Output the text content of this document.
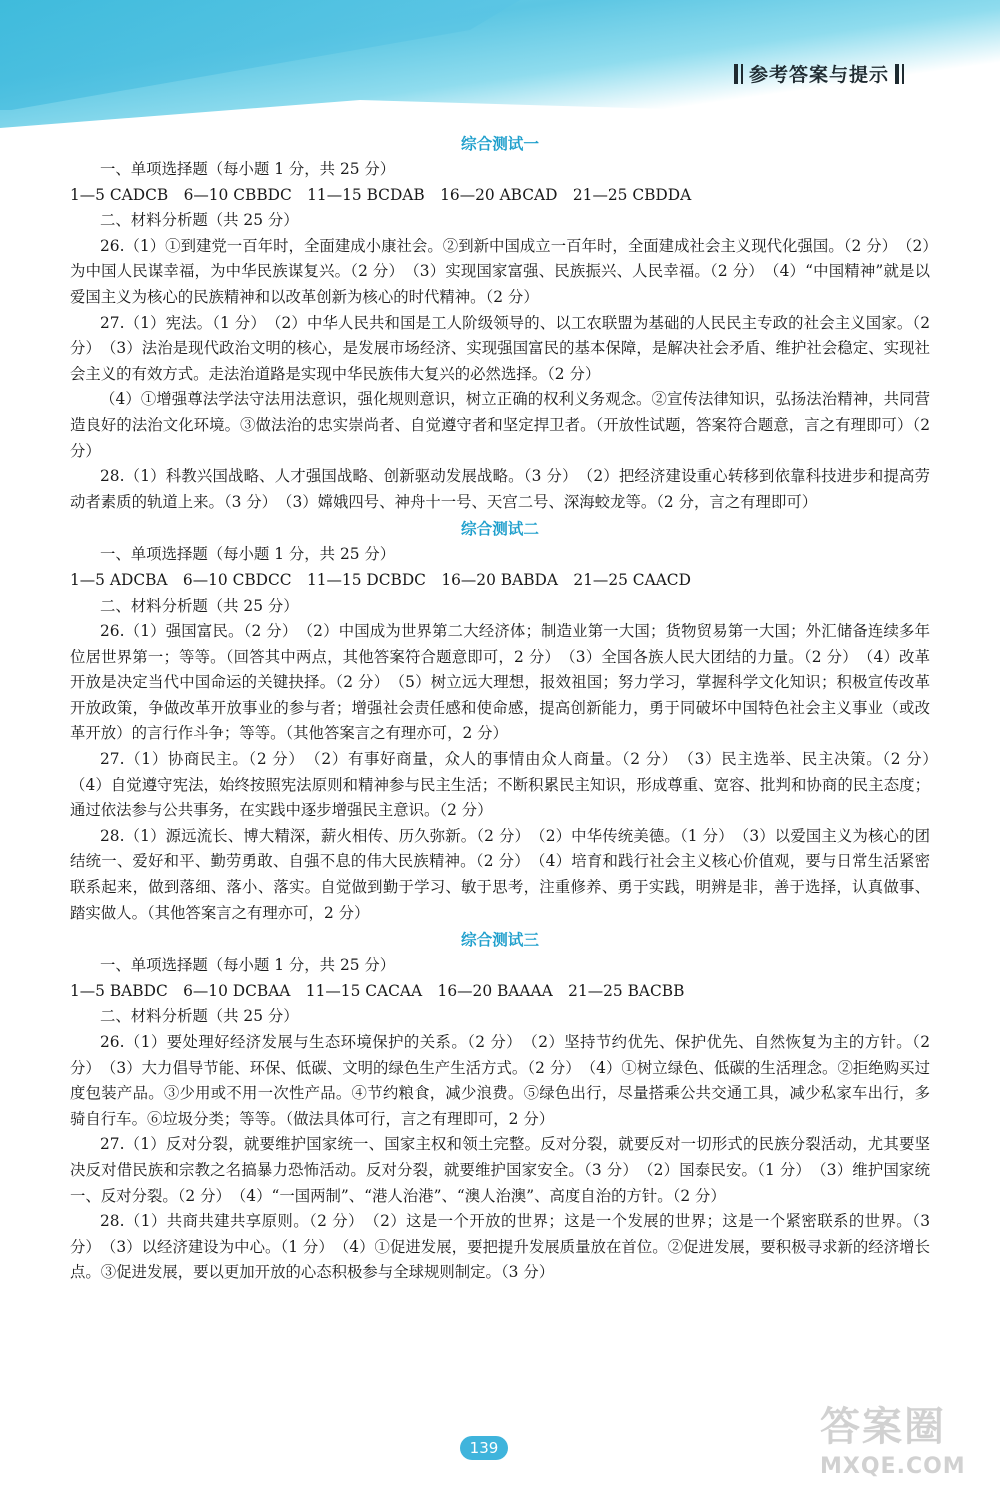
参考答案与提示
综合测试一
一、单项选择题（每小题 1 分，共 25 分）
1—5 CADCB　6—10 CBBDC　11—15 BCDAB　16—20 ABCAD　21—25 CBDDA
二、材料分析题（共 25 分）
26.（1）①到建党一百年时，全面建成小康社会。②到新中国成立一百年时，全面建成社会主义现代化强国。（2 分）　（2）为中国人民谋幸福，为中华民族谋复兴。（2 分）　（3）实现国家富强、民族振兴、人民幸福。（2 分）　（4）“中国精神”就是以爱国主义为核心的民族精神和以改革创新为核心的时代精神。（2 分）
27.（1）宪法。（1 分）　（2）中华人民共和国是工人阶级领导的、以工农联盟为基础的人民民主专政的社会主义国家。（2 分）　（3）法治是现代政治文明的核心，是发展市场经济、实现强国富民的基本保障，是解决社会矛盾、维护社会稳定、实现社会主义的有效方式。走法治道路是实现中华民族伟大复兴的必然选择。（2 分）
（4）①增强尊法学法守法用法意识，强化规则意识，树立正确的权利义务观念。②宣传法律知识，弘扬法治精神，共同营造良好的法治文化环境。③做法治的忠实崇尚者、自觉遵守者和坚定捍卫者。（开放性试题，答案符合题意，言之有理即可）（2 分）
28.（1）科教兴国战略、人才强国战略、创新驱动发展战略。（3 分）　（2）把经济建设重心转移到依靠科技进步和提高劳动者素质的轨道上来。（3 分）　（3）嫦娥四号、神舟十一号、天宫二号、深海蛟龙等。（2 分，言之有理即可）
综合测试二
一、单项选择题（每小题 1 分，共 25 分）
1—5 ADCBA　6—10 CBDCC　11—15 DCBDC　16—20 BABDA　21—25 CAACD
二、材料分析题（共 25 分）
26.（1）强国富民。（2 分）　（2）中国成为世界第二大经济体；制造业第一大国；货物贸易第一大国；外汇储备连续多年位居世界第一；等等。（回答其中两点，其他答案符合题意即可，2 分）　（3）全国各族人民大团结的力量。（2 分）　（4）改革开放是决定当代中国命运的关键抉择。（2 分）　（5）树立远大理想，报效祖国；努力学习，掌握科学文化知识；积极宣传改革开放政策，争做改革开放事业的参与者；增强社会责任感和使命感，提高创新能力，勇于同破坏中国特色社会主义事业（或改革开放）的言行作斗争；等等。（其他答案言之有理亦可，2 分）
27.（1）协商民主。（2 分）　（2）有事好商量，众人的事情由众人商量。（2 分）　（3）民主选举、民主决策。（2 分）　（4）自觉遵守宪法，始终按照宪法原则和精神参与民主生活；不断积累民主知识，形成尊重、宽容、批判和协商的民主态度；通过依法参与公共事务，在实践中逐步增强民主意识。（2 分）
28.（1）源远流长、博大精深，薪火相传、历久弥新。（2 分）　（2）中华传统美德。（1 分）　（3）以爱国主义为核心的团结统一、爱好和平、勤劳勇敢、自强不息的伟大民族精神。（2 分）　（4）培育和践行社会主义核心价值观，要与日常生活紧密联系起来，做到落细、落小、落实。自觉做到勤于学习、敏于思考，注重修养、勇于实践，明辨是非，善于选择，认真做事、踏实做人。（其他答案言之有理亦可，2 分）
综合测试三
一、单项选择题（每小题 1 分，共 25 分）
1—5 BABDC　6—10 DCBAA　11—15 CACAA　16—20 BAAAA　21—25 BACBB
二、材料分析题（共 25 分）
26.（1）要处理好经济发展与生态环境保护的关系。（2 分）　（2）坚持节约优先、保护优先、自然恢复为主的方针。（2 分）　（3）大力倡导节能、环保、低碳、文明的绿色生产生活方式。（2 分）　（4）①树立绿色、低碳的生活理念。②拒绝购买过度包装产品。③少用或不用一次性产品。④节约粮食，减少浪费。⑤绿色出行，尽量搭乘公共交通工具，减少私家车出行，多骑自行车。⑥垃圾分类；等等。（做法具体可行，言之有理即可，2 分）
27.（1）反对分裂，就要维护国家统一、国家主权和领土完整。反对分裂，就要反对一切形式的民族分裂活动，尤其要坚决反对借民族和宗教之名搞暴力恐怖活动。反对分裂，就要维护国家安全。（3 分）　（2）国泰民安。（1 分）　（3）维护国家统一、反对分裂。（2 分）　（4）“一国两制”、“港人治港”、“澳人治澳”、高度自治的方针。（2 分）
28.（1）共商共建共享原则。（2 分）　（2）这是一个开放的世界；这是一个发展的世界；这是一个紧密联系的世界。（3 分）　（3）以经济建设为中心。（1 分）　（4）①促进发展，要把提升发展质量放在首位。②促进发展，要积极寻求新的经济增长点。③促进发展，要以更加开放的心态积极参与全球规则制定。（3 分）
139	答案圈
MXQE.COM
